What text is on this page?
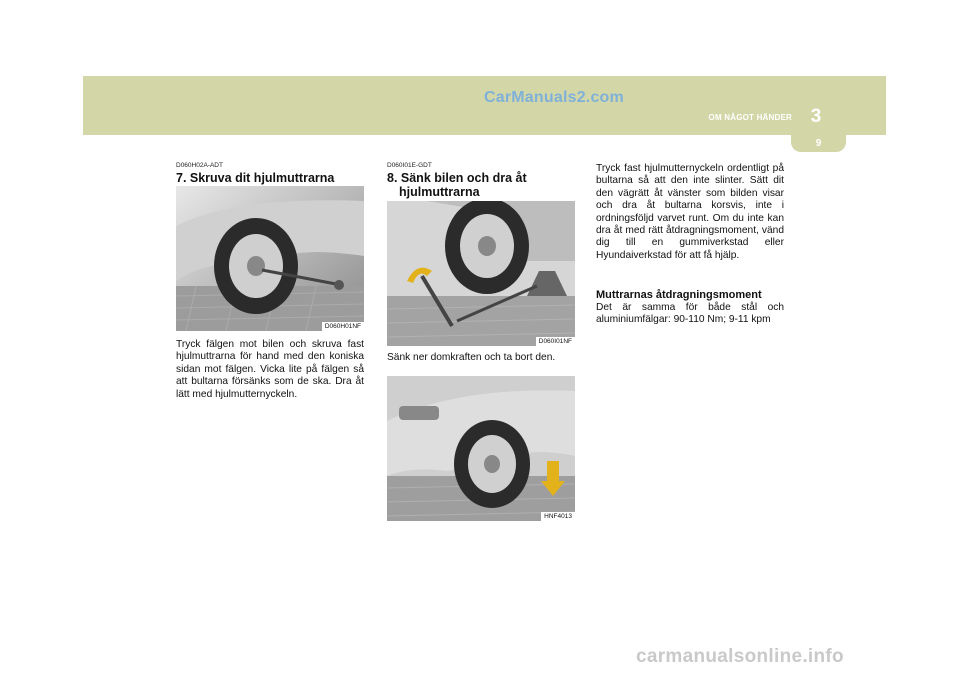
CarManuals2.com
3
OM NÅGOT HÄNDER
9
D060H02A-ADT
7. Skruva dit hjulmuttrarna
D060H01NF
Tryck fälgen mot bilen och skruva fast hjulmuttrarna för hand med den koniska sidan mot fälgen. Vicka lite på fälgen så att bultarna försänks som de ska. Dra åt lätt med hjulmutternyckeln.
D060I01E-GDT
8. Sänk bilen och dra åt
hjulmuttrarna
D060I01NF
Sänk ner domkraften och ta bort den.
HNF4013
Tryck fast hjulmutternyckeln ordentligt på bultarna så att den inte slinter. Sätt dit den vägrätt åt vänster som bilden visar och dra åt bultarna korsvis, inte i ordningsföljd varvet runt. Om du inte kan dra åt med rätt åtdragningsmoment, vänd dig till en gummiverkstad eller Hyundaiverkstad för att få hjälp.
Muttrarnas åtdragningsmoment
Det är samma för både stål och aluminiumfälgar: 90-110 Nm; 9-11 kpm
carmanualsonline.info
